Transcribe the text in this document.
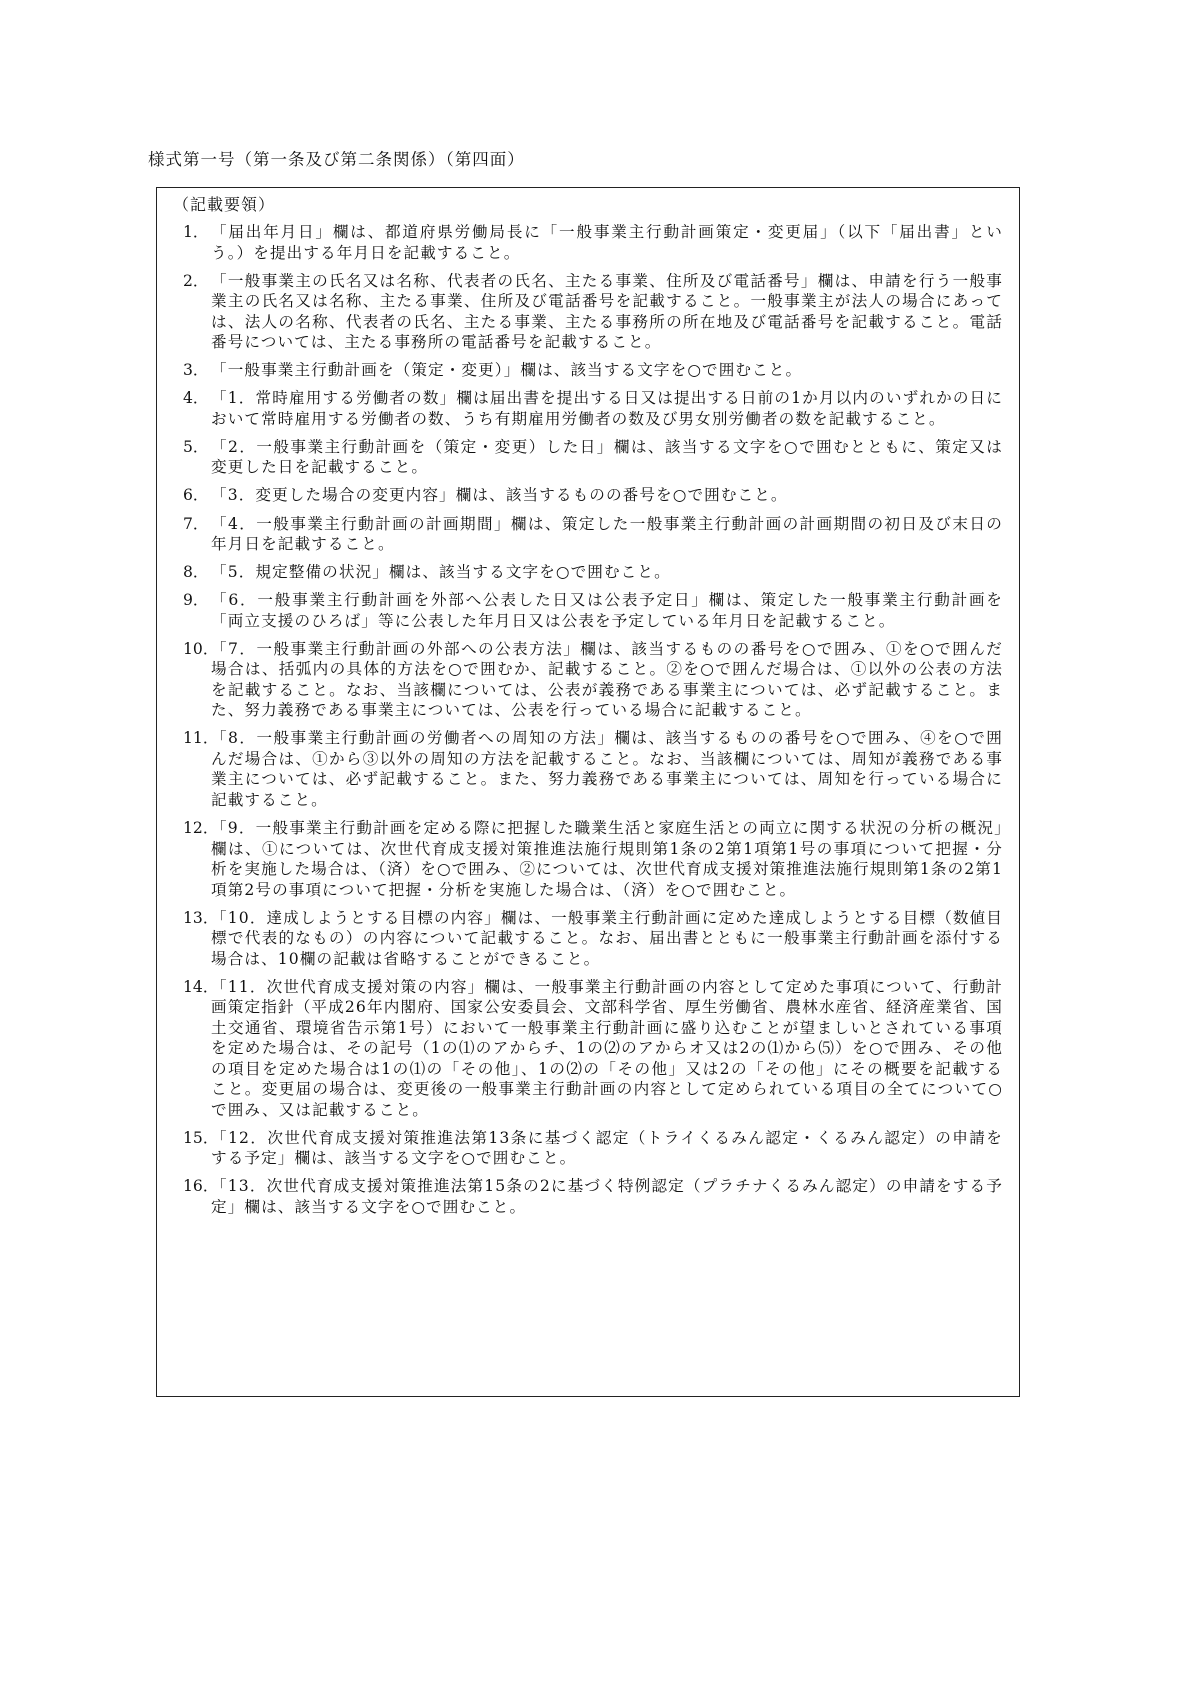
様式第一号（第一条及び第二条関係）（第四面）
（記載要領）
1． 「届出年月日」欄は、都道府県労働局長に「一般事業主行動計画策定・変更届」（以下「届出書」という。）を提出する年月日を記載すること。
2． 「一般事業主の氏名又は名称、代表者の氏名、主たる事業、住所及び電話番号」欄は、申請を行う一般事業主の氏名又は名称、主たる事業、住所及び電話番号を記載すること。一般事業主が法人の場合にあっては、法人の名称、代表者の氏名、主たる事業、主たる事務所の所在地及び電話番号を記載すること。電話番号については、主たる事務所の電話番号を記載すること。
3． 「一般事業主行動計画を（策定・変更）」欄は、該当する文字を○で囲むこと。
4． 「1．常時雇用する労働者の数」欄は届出書を提出する日又は提出する日前の1か月以内のいずれかの日において常時雇用する労働者の数、うち有期雇用労働者の数及び男女別労働者の数を記載すること。
5． 「2．一般事業主行動計画を（策定・変更）した日」欄は、該当する文字を○で囲むとともに、策定又は変更した日を記載すること。
6． 「3．変更した場合の変更内容」欄は、該当するものの番号を○で囲むこと。
7． 「4．一般事業主行動計画の計画期間」欄は、策定した一般事業主行動計画の計画期間の初日及び末日の年月日を記載すること。
8． 「5．規定整備の状況」欄は、該当する文字を○で囲むこと。
9． 「6．一般事業主行動計画を外部へ公表した日又は公表予定日」欄は、策定した一般事業主行動計画を「両立支援のひろば」等に公表した年月日又は公表を予定している年月日を記載すること。
10．
「7．一般事業主行動計画の外部への公表方法」欄は、該当するものの番号を○で囲み、①を○で囲んだ場合は、括弧内の具体的方法を○で囲むか、記載すること。②を○で囲んだ場合は、①以外の公表の方法を記載すること。なお、当該欄については、公表が義務である事業主については、必ず記載すること。また、努力義務である事業主については、公表を行っている場合に記載すること。
11．
「8．一般事業主行動計画の労働者への周知の方法」欄は、該当するものの番号を○で囲み、④を○で囲んだ場合は、①から③以外の周知の方法を記載すること。なお、当該欄については、周知が義務である事業主については、必ず記載すること。また、努力義務である事業主については、周知を行っている場合に記載すること。
12．
「9．一般事業主行動計画を定める際に把握した職業生活と家庭生活との両立に関する状況の分析の概況」欄は、①については、次世代育成支援対策推進法施行規則第1条の2第1項第1号の事項について把握・分析を実施した場合は、（済）を○で囲み、②については、次世代育成支援対策推進法施行規則第1条の2第1項第2号の事項について把握・分析を実施した場合は、（済）を○で囲むこと。
13．
「10．達成しようとする目標の内容」欄は、一般事業主行動計画に定めた達成しようとする目標（数値目標で代表的なもの）の内容について記載すること。なお、届出書とともに一般事業主行動計画を添付する場合は、10欄の記載は省略することができること。
14．
「11．次世代育成支援対策の内容」欄は、一般事業主行動計画の内容として定めた事項について、行動計画策定指針（平成26年内閣府、国家公安委員会、文部科学省、厚生労働省、農林水産省、経済産業省、国土交通省、環境省告示第1号）において一般事業主行動計画に盛り込むことが望ましいとされている事項を定めた場合は、その記号（1の⑴のアからチ、1の⑵のアからオ又は2の⑴から⑸）を○で囲み、その他の項目を定めた場合は1の⑴の「その他」、1の⑵の「その他」又は2の「その他」にその概要を記載すること。変更届の場合は、変更後の一般事業主行動計画の内容として定められている項目の全てについて○で囲み、又は記載すること。
15．
「12．次世代育成支援対策推進法第13条に基づく認定（トライくるみん認定・くるみん認定）の申請をする予定」欄は、該当する文字を○で囲むこと。
16．
「13．次世代育成支援対策推進法第15条の2に基づく特例認定（プラチナくるみん認定）の申請をする予定」欄は、該当する文字を○で囲むこと。
